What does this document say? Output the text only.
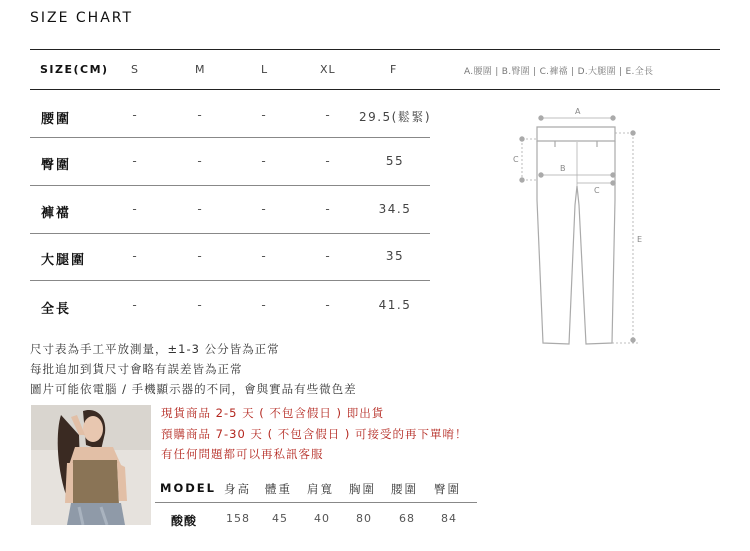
SIZE CHART
SIZE(CM) S	M	L	XL	F	A.腰圍 | B.臀圍 | C.褲襠 | D.大腿圍 | E.全長
腰圍	-	-	-	-	29.5(鬆緊)
臀圍	-	-	-	-	55
褲襠	-	-	-	-	34.5
大腿圍	-	-	-	-	35
全長	-	-	-	-	41.5
A
B
C
C
E
尺寸表為手工平放測量，±1-3 公分皆為正常
每批追加到貨尺寸會略有誤差皆為正常
圖片可能依電腦 / 手機顯示器的不同，會與實品有些微色差
現貨商品 2-5 天 ( 不包含假日 ) 即出貨
預購商品 7-30 天 ( 不包含假日 ) 可接受的再下單唷！
有任何問題都可以再私訊客服
MODEL 身高 體重 肩寬 胸圍 腰圍 臀圍
酸酸	158 45 40 80 68 84
